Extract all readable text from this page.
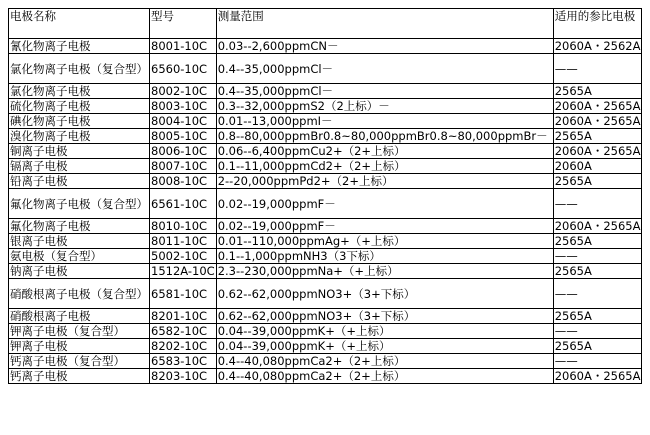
电极名称	型号	测量范围	适用的参比电极
氰化物离子电极	8001-10C	0.03--2,600ppmCN－	2060A・2562A
氯化物离子电极（复合型）	6560-10C	0.4--35,000ppmCl－	——
氯化物离子电极	8002-10C	0.4--35,000ppmCl－	2565A
硫化物离子电极	8003-10C	0.3--32,000ppmS2（2上标）－	2060A・2565A
碘化物离子电极	8004-10C	0.01--13,000ppmI－	2060A・2565A
溴化物离子电极	8005-10C	0.8--80,000ppmBr0.8~80,000ppmBr0.8~80,000ppmBr－	2565A
铜离子电极	8006-10C	0.06--6,400ppmCu2+（2+上标）	2060A・2565A
镉离子电极	8007-10C	0.1--11,000ppmCd2+（2+上标）	2060A
铅离子电极	8008-10C	2--20,000ppmPd2+（2+上标）	2565A
氟化物离子电极（复合型）	6561-10C	0.02--19,000ppmF－	——
氟化物离子电极	8010-10C	0.02--19,000ppmF－	2060A・2565A
银离子电极	8011-10C	0.01--110,000ppmAg+（+上标）	2565A
氨电极（复合型）	5002-10C	0.1--1,000ppmNH3（3下标）	——
钠离子电极	1512A-10C	2.3--230,000ppmNa+（+上标）	2565A
硝酸根离子电极（复合型）	6581-10C	0.62--62,000ppmNO3+（3+下标）	——
硝酸根离子电极	8201-10C	0.62--62,000ppmNO3+（3+下标）	2565A
钾离子电极（复合型）	6582-10C	0.04--39,000ppmK+（+上标）	——
钾离子电极	8202-10C	0.04--39,000ppmK+（+上标）	2565A
钙离子电极（复合型）	6583-10C	0.4--40,080ppmCa2+（2+上标）	——
钙离子电极	8203-10C	0.4--40,080ppmCa2+（2+上标）	2060A・2565A
